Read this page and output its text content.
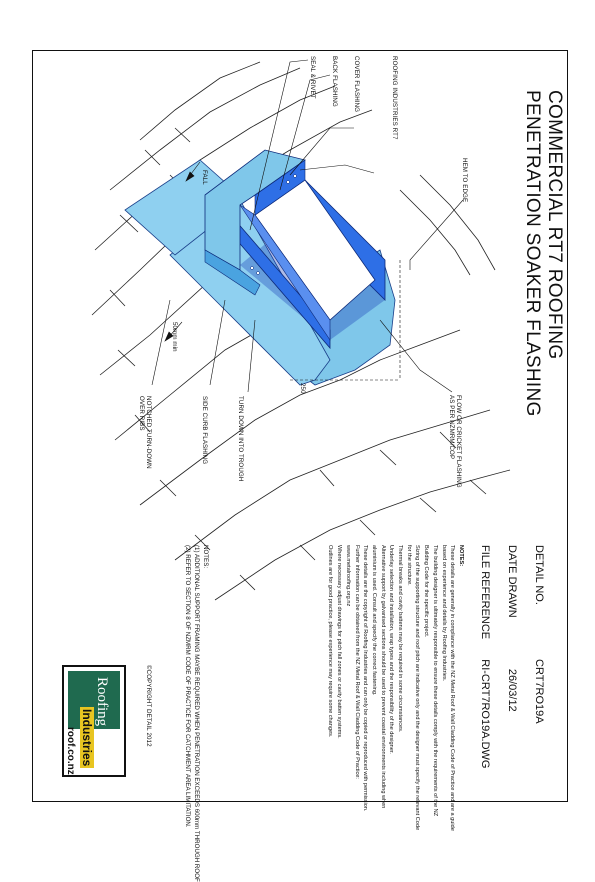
COMMERCIAL RT7 ROOFING
PENETRATION SOAKER FLASHING
HEM TO EDGE
ROOFING INDUSTRIES RT7
COVER FLASHING
BACK FLASHING
SEAL & RIVET
FALL
50mm min
250
FLOW OR CRICKET FLASHING
AS PER NZMRM/COP
TURN DOWN INTO TROUGH
SIDE CURB FLASHING
NOTCHED TURN-DOWN
OVER RIBS
DETAIL NO.  CRT7RO19A
DATE DRAWN  26/03/12
FILE REFERENCE  RI-CRT7RO19A.DWG
NOTES:
These details are generally in compliance with the NZ Metal Roof & Wall Cladding Code of Practice and are a guide based on experience and details by Roofing Industries.
The building designer is ultimately responsible to ensure these details comply with the requirements of the NZ Building Code for the specific project.
Sizing of the supporting structure and roof pitch are indicative only and the designer must specify the relevant Code for the structure.
Thermal breaks and cavity battens may be required in some circumstances.
Underlay selection and installation, wrap types and the responsibility of the designer.
Alternative support by galvanised sections should be used to prevent coastal environments including when aluminium is used. Consult and specify the correct fastening.
These details are the copyright of Roofing Industries and can only be copied or reproduced with permission.
Further information can be obtained from the NZ Metal Roof & Wall Cladding Code of Practice: www.metalroofing.org.nz
Where necessary adjust drawings for pitch fall zones or cavity batten systems.
Outlines are for good practice, please experience may require some changes.
NOTES:
(1) ADDITIONAL SUPPORT FRAMING MAYBE REQUIRED WHEN PENETRATION EXCEEDS 600mm THROUGH ROOF
(2) REFER TO SECTION 8 OF NZMRM CODE OF PRACTICE FOR CATCHMENT AREA LIMITATION.
©COPYRIGHT DETAIL 2012
Roofing
Industries
roof.co.nz
